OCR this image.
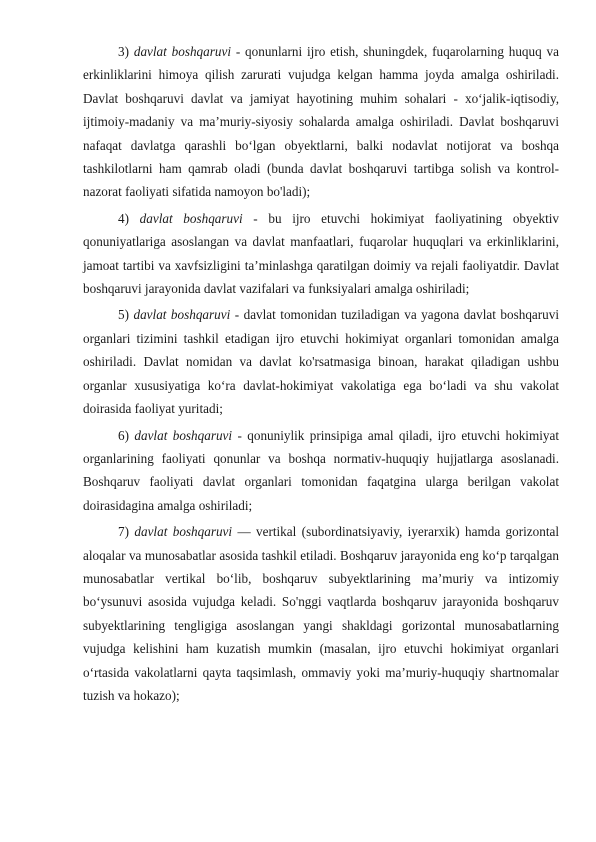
3) davlat boshqaruvi - qonunlarni ijro etish, shuningdek, fuqarolarning huquq va erkinliklarini himoya qilish zarurati vujudga kelgan hamma joyda amalga oshiriladi. Davlat boshqaruvi davlat va jamiyat hayotining muhim sohalari - xo‘jalik-iqtisodiy, ijtimoiy-madaniy va ma’muriy-siyosiy sohalarda amalga oshiriladi. Davlat boshqaruvi nafaqat davlatga qarashli bo‘lgan obyektlarni, balki nodavlat notijorat va boshqa tashkilotlarni ham qamrab oladi (bunda davlat boshqaruvi tartibga solish va kontrol-nazorat faoliyati sifatida namoyon bo'ladi);

4) davlat boshqaruvi - bu ijro etuvchi hokimiyat faoliyatining obyektiv qonuniyatlariga asoslangan va davlat manfaatlari, fuqarolar huquqlari va erkinliklarini, jamoat tartibi va xavfsizligini ta’minlashga qaratilgan doimiy va rejali faoliyatdir. Davlat boshqaruvi jarayonida davlat vazifalari va funksiyalari amalga oshiriladi;

5) davlat boshqaruvi - davlat tomonidan tuziladigan va yagona davlat boshqaruvi organlari tizimini tashkil etadigan ijro etuvchi hokimiyat organlari tomonidan amalga oshiriladi. Davlat nomidan va davlat ko'rsatmasiga binoan, harakat qiladigan ushbu organlar xususiyatiga ko‘ra davlat-hokimiyat vakolatiga ega bo‘ladi va shu vakolat doirasida faoliyat yuritadi;

6) davlat boshqaruvi - qonuniylik prinsipiga amal qiladi, ijro etuvchi hokimiyat organlarining faoliyati qonunlar va boshqa normativ-huquqiy hujjatlarga asoslanadi. Boshqaruv faoliyati davlat organlari tomonidan faqatgina ularga berilgan vakolat doirasidagina amalga oshiriladi;

7) davlat boshqaruvi — vertikal (subordinatsiyaviy, iyerarxik) hamda gorizontal aloqalar va munosabatlar asosida tashkil etiladi. Boshqaruv jarayonida eng ko‘p tarqalgan munosabatlar vertikal bo‘lib, boshqaruv subyektlarining ma’muriy va intizomiy bo‘ysunuvi asosida vujudga keladi. So'nggi vaqtlarda boshqaruv jarayonida boshqaruv subyektlarining tengligiga asoslangan yangi shakldagi gorizontal munosabatlarning vujudga kelishini ham kuzatish mumkin (masalan, ijro etuvchi hokimiyat organlari o‘rtasida vakolatlarni qayta taqsimlash, ommaviy yoki ma’muriy-huquqiy shartnomalar tuzish va hokazo);
